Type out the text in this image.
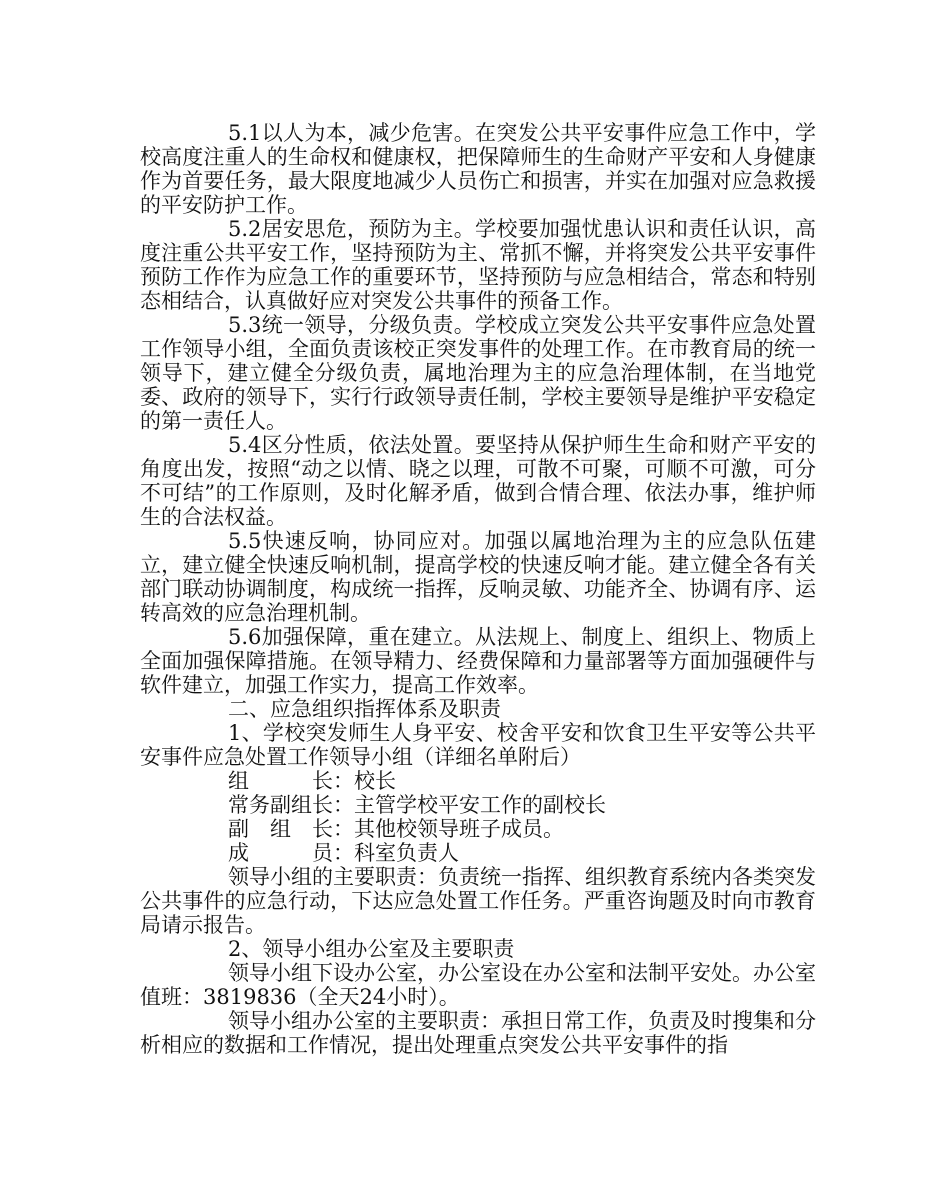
5.1以人为本，减少危害。在突发公共平安事件应急工作中，学校高度注重人的生命权和健康权，把保障师生的生命财产平安和人身健康作为首要任务，最大限度地减少人员伤亡和损害，并实在加强对应急救援的平安防护工作。

5.2居安思危，预防为主。学校要加强忧患认识和责任认识，高度注重公共平安工作，坚持预防为主、常抓不懈，并将突发公共平安事件预防工作作为应急工作的重要环节，坚持预防与应急相结合，常态和特别态相结合，认真做好应对突发公共事件的预备工作。

5.3统一领导，分级负责。学校成立突发公共平安事件应急处置工作领导小组，全面负责该校正突发事件的处理工作。在市教育局的统一领导下，建立健全分级负责，属地治理为主的应急治理体制，在当地党委、政府的领导下，实行行政领导责任制，学校主要领导是维护平安稳定的第一责任人。

5.4区分性质，依法处置。要坚持从保护师生生命和财产平安的角度出发，按照“动之以情、晓之以理，可散不可聚，可顺不可激，可分不可结”的工作原则，及时化解矛盾，做到合情合理、依法办事，维护师生的合法权益。

5.5快速反响，协同应对。加强以属地治理为主的应急队伍建立，建立健全快速反响机制，提高学校的快速反响才能。建立健全各有关部门联动协调制度，构成统一指挥，反响灵敏、功能齐全、协调有序、运转高效的应急治理机制。

5.6加强保障，重在建立。从法规上、制度上、组织上、物质上全面加强保障措施。在领导精力、经费保障和力量部署等方面加强硬件与软件建立，加强工作实力，提高工作效率。

二、应急组织指挥体系及职责

1、学校突发师生人身平安、校舍平安和饮食卫生平安等公共平安事件应急处置工作领导小组（详细名单附后）

组　　　长：校长
常务副组长：主管学校平安工作的副校长
副　组　长：其他校领导班子成员。
成　　　员：科室负责人

领导小组的主要职责：负责统一指挥、组织教育系统内各类突发公共事件的应急行动，下达应急处置工作任务。严重咨询题及时向市教育局请示报告。

2、领导小组办公室及主要职责

领导小组下设办公室，办公室设在办公室和法制平安处。办公室值班：3819836（全天24小时）。

领导小组办公室的主要职责：承担日常工作，负责及时搜集和分析相应的数据和工作情况，提出处理重点突发公共平安事件的指
